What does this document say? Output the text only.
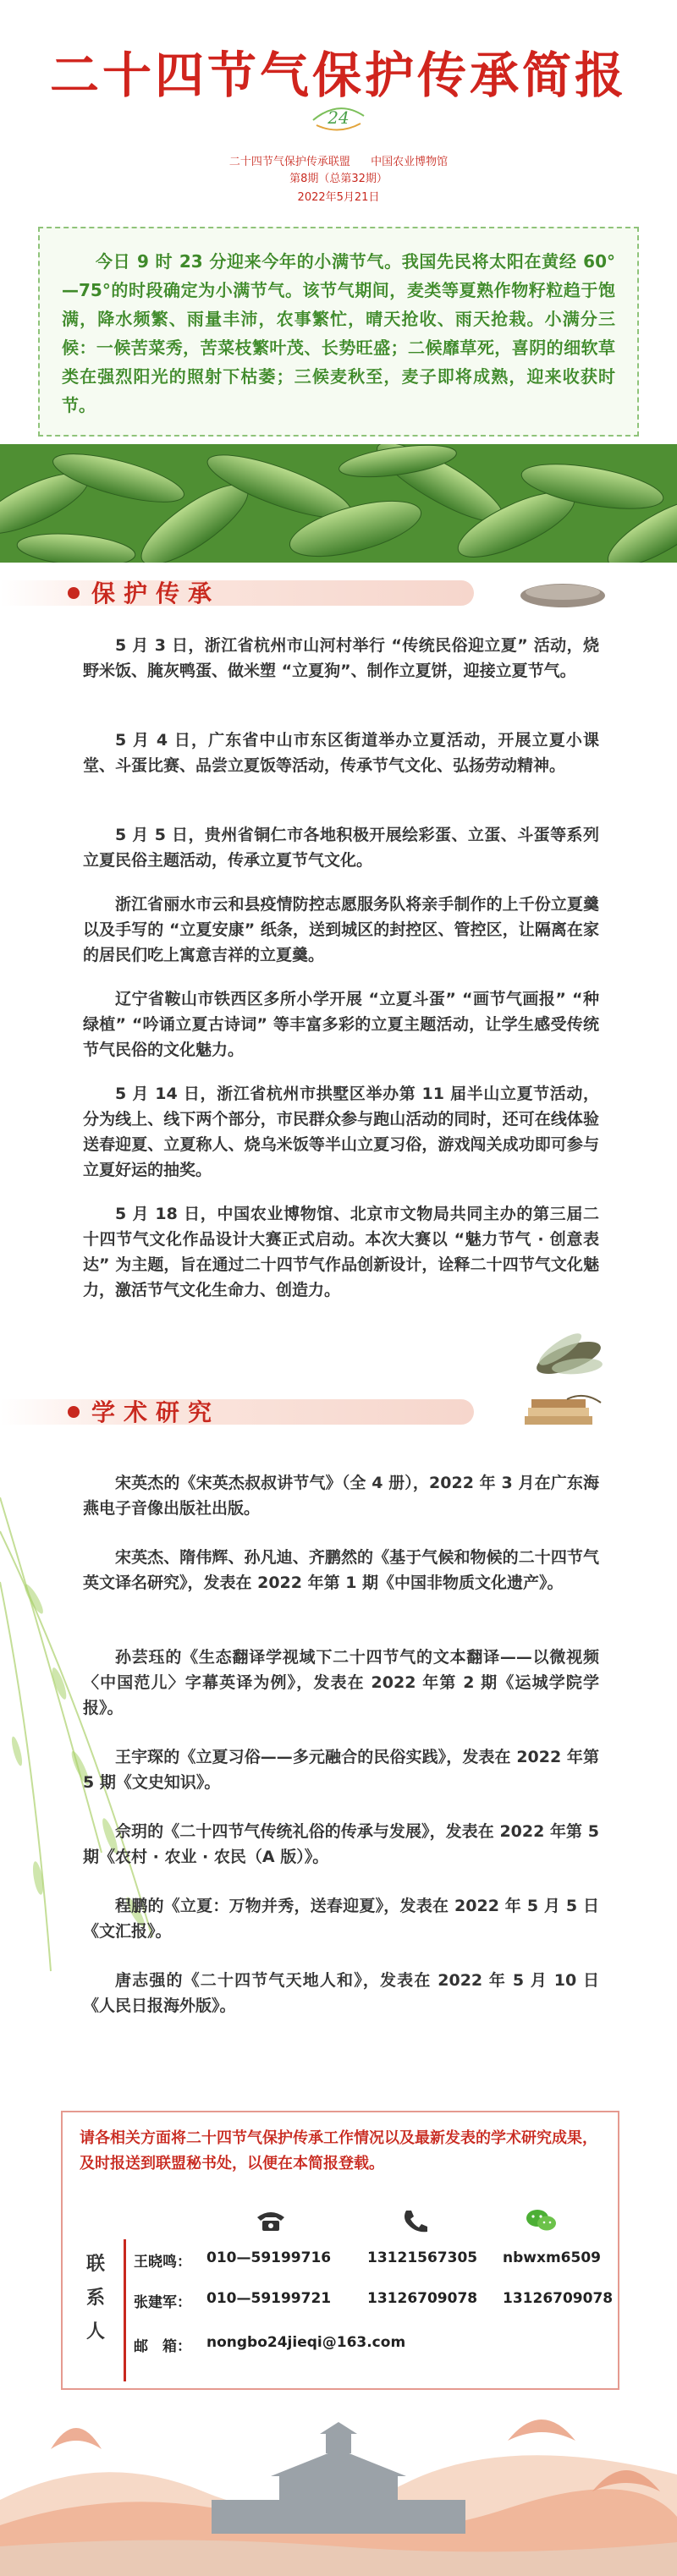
二十四节气保护传承简报
24
二十四节气保护传承联盟 中国农业博物馆
第8期（总第32期）
2022年5月21日

今日 9 时 23 分迎来今年的小满节气。我国先民将太阳在黄经 60°—75°的时段确定为小满节气。该节气期间，麦类等夏熟作物籽粒趋于饱满，降水频繁、雨量丰沛，农事繁忙，晴天抢收、雨天抢栽。小满分三候：一候苦菜秀，苦菜枝繁叶茂、长势旺盛；二候靡草死，喜阴的细软草类在强烈阳光的照射下枯萎；三候麦秋至，麦子即将成熟，迎来收获时节。

保护传承

5 月 3 日，浙江省杭州市山河村举行 “传统民俗迎立夏” 活动，烧野米饭、腌灰鸭蛋、做米塑 “立夏狗”、制作立夏饼，迎接立夏节气。

5 月 4 日，广东省中山市东区街道举办立夏活动，开展立夏小课堂、斗蛋比赛、品尝立夏饭等活动，传承节气文化、弘扬劳动精神。

5 月 5 日，贵州省铜仁市各地积极开展绘彩蛋、立蛋、斗蛋等系列立夏民俗主题活动，传承立夏节气文化。

浙江省丽水市云和县疫情防控志愿服务队将亲手制作的上千份立夏羹以及手写的 “立夏安康” 纸条，送到城区的封控区、管控区，让隔离在家的居民们吃上寓意吉祥的立夏羹。

辽宁省鞍山市铁西区多所小学开展 “立夏斗蛋” “画节气画报” “种绿植” “吟诵立夏古诗词” 等丰富多彩的立夏主题活动，让学生感受传统节气民俗的文化魅力。

5 月 14 日，浙江省杭州市拱墅区举办第 11 届半山立夏节活动，分为线上、线下两个部分，市民群众参与跑山活动的同时，还可在线体验送春迎夏、立夏称人、烧乌米饭等半山立夏习俗，游戏闯关成功即可参与立夏好运的抽奖。

5 月 18 日，中国农业博物馆、北京市文物局共同主办的第三届二十四节气文化作品设计大赛正式启动。本次大赛以 “魅力节气 · 创意表达” 为主题，旨在通过二十四节气作品创新设计，诠释二十四节气文化魅力，激活节气文化生命力、创造力。

学术研究

宋英杰的《宋英杰叔叔讲节气》（全 4 册），2022 年 3 月在广东海燕电子音像出版社出版。

宋英杰、隋伟辉、孙凡迪、齐鹏然的《基于气候和物候的二十四节气英文译名研究》，发表在 2022 年第 1 期《中国非物质文化遗产》。

孙芸珏的《生态翻译学视域下二十四节气的文本翻译——以微视频〈中国范儿〉字幕英译为例》，发表在 2022 年第 2 期《运城学院学报》。

王宇琛的《立夏习俗——多元融合的民俗实践》，发表在 2022 年第 5 期《文史知识》。

佘玥的《二十四节气传统礼俗的传承与发展》，发表在 2022 年第 5 期《农村 · 农业 · 农民（A 版）》。

程鹏的《立夏：万物并秀，送春迎夏》，发表在 2022 年 5 月 5 日《文汇报》。

唐志强的《二十四节气天地人和》，发表在 2022 年 5 月 10 日《人民日报海外版》。

请各相关方面将二十四节气保护传承工作情况以及最新发表的学术研究成果，及时报送到联盟秘书处，以便在本简报登载。

联系人
王晓鸣： 010—59199716	13121567305 nbwxm6509
张建军： 010—59199721	13126709078 13126709078
邮　箱： nongbo24jieqi@163.com
